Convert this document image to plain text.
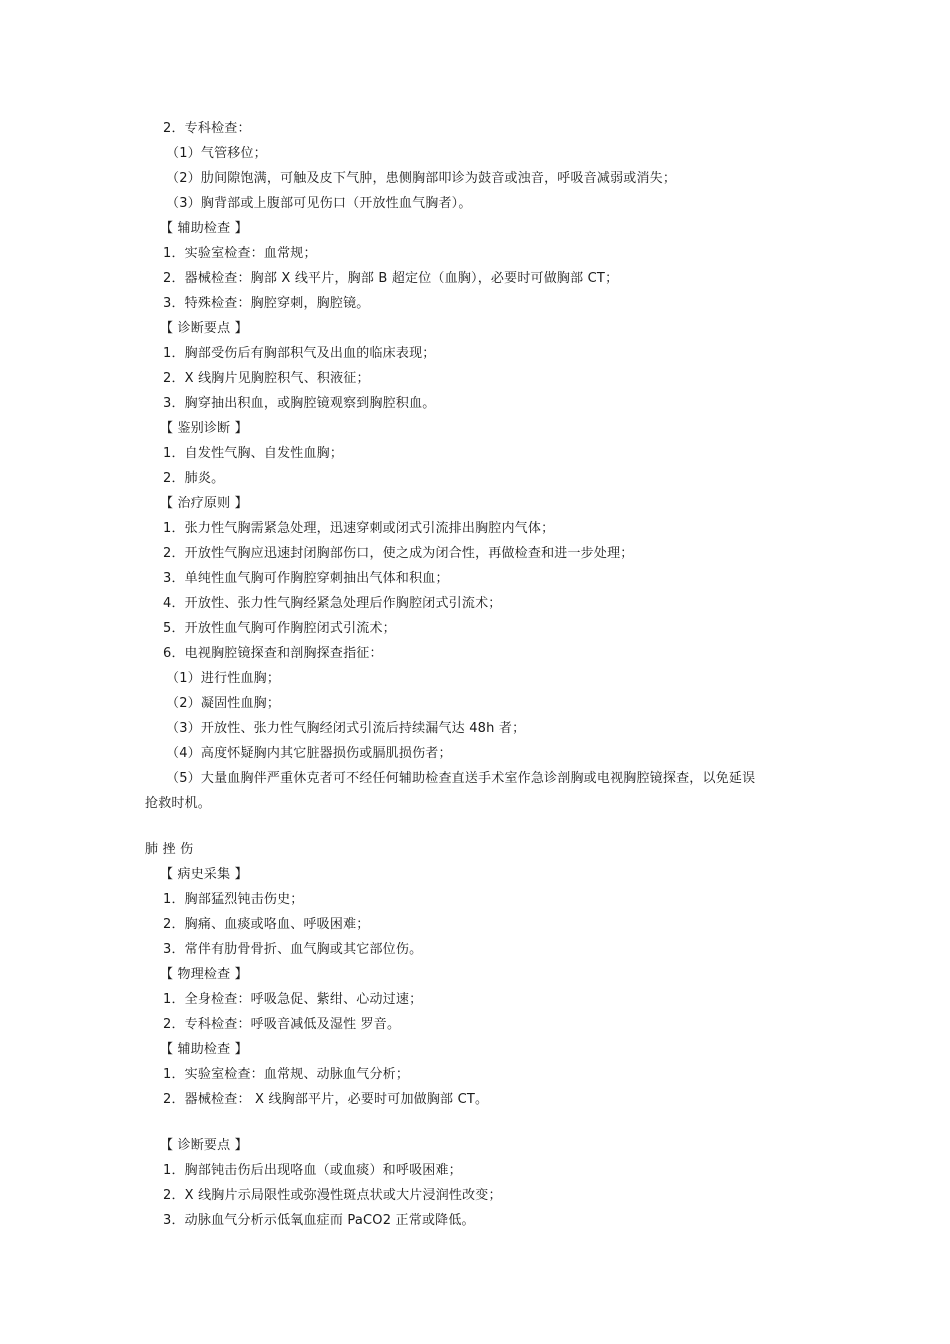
2．专科检查：
（1）气管移位；
（2）肋间隙饱满，可触及皮下气肿，患侧胸部叩诊为鼓音或浊音，呼吸音减弱或消失；
（3）胸背部或上腹部可见伤口（开放性血气胸者）。
【 辅助检查 】
1．实验室检查：血常规；
2．器械检查：胸部 X 线平片，胸部 B 超定位（血胸），必要时可做胸部 CT；
3．特殊检查：胸腔穿刺，胸腔镜。
【 诊断要点 】
1．胸部受伤后有胸部积气及出血的临床表现；
2．X 线胸片见胸腔积气、积液征；
3．胸穿抽出积血，或胸腔镜观察到胸腔积血。
【 鉴别诊断 】
1．自发性气胸、自发性血胸；
2．肺炎。
【 治疗原则 】
1．张力性气胸需紧急处理，迅速穿刺或闭式引流排出胸腔内气体；
2．开放性气胸应迅速封闭胸部伤口，使之成为闭合性，再做检查和进一步处理；
3．单纯性血气胸可作胸腔穿刺抽出气体和积血；
4．开放性、张力性气胸经紧急处理后作胸腔闭式引流术；
5．开放性血气胸可作胸腔闭式引流术；
6．电视胸腔镜探查和剖胸探查指征：
（1）进行性血胸；
（2）凝固性血胸；
（3）开放性、张力性气胸经闭式引流后持续漏气达 48h 者；
（4）高度怀疑胸内其它脏器损伤或膈肌损伤者；
（5）大量血胸伴严重休克者可不经任何辅助检查直送手术室作急诊剖胸或电视胸腔镜探查，以免延误
抢救时机。
肺 挫 伤
【 病史采集 】
1．胸部猛烈钝击伤史；
2．胸痛、血痰或咯血、呼吸困难；
3．常伴有肋骨骨折、血气胸或其它部位伤。
【 物理检查 】
1．全身检查：呼吸急促、紫绀、心动过速；
2．专科检查：呼吸音减低及湿性 罗音。
【 辅助检查 】
1．实验室检查：血常规、动脉血气分析；
2．器械检查： X 线胸部平片，必要时可加做胸部 CT。
【 诊断要点 】
1．胸部钝击伤后出现咯血（或血痰）和呼吸困难；
2．X 线胸片示局限性或弥漫性斑点状或大片浸润性改变；
3．动脉血气分析示低氧血症而 PaCO2 正常或降低。
